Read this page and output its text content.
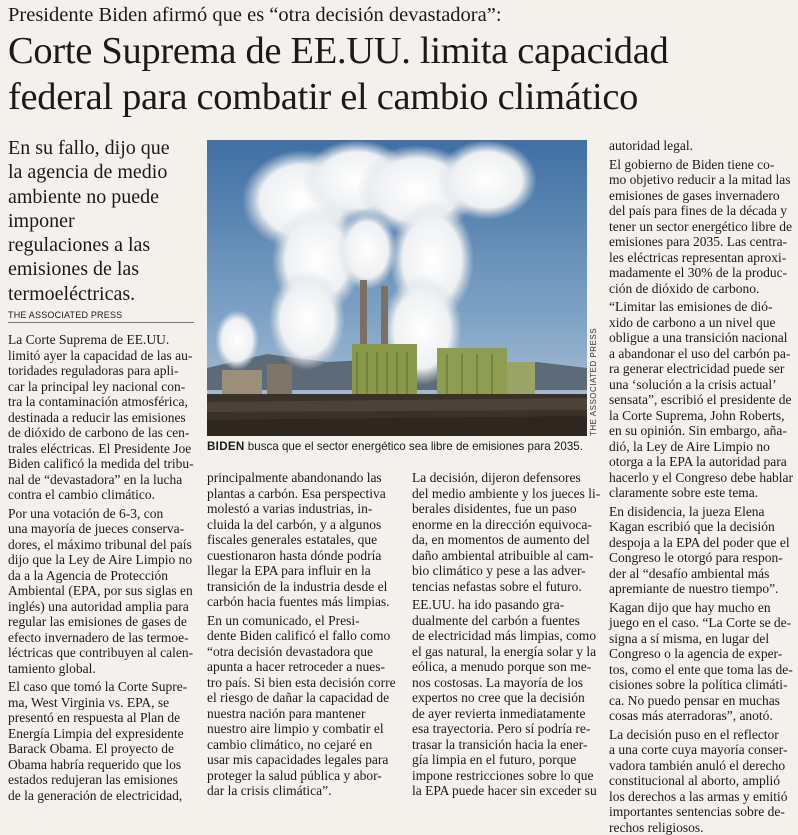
Presidente Biden afirmó que es “otra decisión devastadora”:
Corte Suprema de EE.UU. limita capacidad
federal para combatir el cambio climático
En su fallo, dijo que
la agencia de medio
ambiente no puede
imponer
regulaciones a las
emisiones de las
termoeléctricas.
THE ASSOCIATED PRESS
THE ASSOCIATED PRESS
BIDEN busca que el sector energético sea libre de emisiones para 2035.
La Corte Suprema de EE.UU.
limitó ayer la capacidad de las au-
toridades reguladoras para apli-
car la principal ley nacional con-
tra la contaminación atmosférica,
destinada a reducir las emisiones
de dióxido de carbono de las cen-
trales eléctricas. El Presidente Joe
Biden calificó la medida del tribu-
nal de “devastadora” en la lucha
contra el cambio climático.
Por una votación de 6-3, con
una mayoría de jueces conserva-
dores, el máximo tribunal del país
dijo que la Ley de Aire Limpio no
da a la Agencia de Protección
Ambiental (EPA, por sus siglas en
inglés) una autoridad amplia para
regular las emisiones de gases de
efecto invernadero de las termoe-
léctricas que contribuyen al calen-
tamiento global.
El caso que tomó la Corte Supre-
ma, West Virginia vs. EPA, se
presentó en respuesta al Plan de
Energía Limpia del expresidente
Barack Obama. El proyecto de
Obama habría requerido que los
estados redujeran las emisiones
de la generación de electricidad,
principalmente abandonando las
plantas a carbón. Esa perspectiva
molestó a varias industrias, in-
cluida la del carbón, y a algunos
fiscales generales estatales, que
cuestionaron hasta dónde podría
llegar la EPA para influir en la
transición de la industria desde el
carbón hacia fuentes más limpias.
En un comunicado, el Presi-
dente Biden calificó el fallo como
“otra decisión devastadora que
apunta a hacer retroceder a nues-
tro país. Si bien esta decisión corre
el riesgo de dañar la capacidad de
nuestra nación para mantener
nuestro aire limpio y combatir el
cambio climático, no cejaré en
usar mis capacidades legales para
proteger la salud pública y abor-
dar la crisis climática”.
La decisión, dijeron defensores
del medio ambiente y los jueces li-
berales disidentes, fue un paso
enorme en la dirección equivoca-
da, en momentos de aumento del
daño ambiental atribuible al cam-
bio climático y pese a las adver-
tencias nefastas sobre el futuro.
EE.UU. ha ido pasando gra-
dualmente del carbón a fuentes
de electricidad más limpias, como
el gas natural, la energía solar y la
eólica, a menudo porque son me-
nos costosas. La mayoría de los
expertos no cree que la decisión
de ayer revierta inmediatamente
esa trayectoria. Pero sí podría re-
trasar la transición hacia la ener-
gía limpia en el futuro, porque
impone restricciones sobre lo que
la EPA puede hacer sin exceder su
autoridad legal.
El gobierno de Biden tiene co-
mo objetivo reducir a la mitad las
emisiones de gases invernadero
del país para fines de la década y
tener un sector energético libre de
emisiones para 2035. Las centra-
les eléctricas representan aproxi-
madamente el 30% de la produc-
ción de dióxido de carbono.
“Limitar las emisiones de dió-
xido de carbono a un nivel que
obligue a una transición nacional
a abandonar el uso del carbón pa-
ra generar electricidad puede ser
una ‘solución a la crisis actual’
sensata”, escribió el presidente de
la Corte Suprema, John Roberts,
en su opinión. Sin embargo, aña-
dió, la Ley de Aire Limpio no
otorga a la EPA la autoridad para
hacerlo y el Congreso debe hablar
claramente sobre este tema.
En disidencia, la jueza Elena
Kagan escribió que la decisión
despoja a la EPA del poder que el
Congreso le otorgó para respon-
der al “desafío ambiental más
apremiante de nuestro tiempo”.
Kagan dijo que hay mucho en
juego en el caso. “La Corte se de-
signa a sí misma, en lugar del
Congreso o la agencia de exper-
tos, como el ente que toma las de-
cisiones sobre la política climáti-
ca. No puedo pensar en muchas
cosas más aterradoras”, anotó.
La decisión puso en el reflector
a una corte cuya mayoría conser-
vadora también anuló el derecho
constitucional al aborto, amplió
los derechos a las armas y emitió
importantes sentencias sobre de-
rechos religiosos.
